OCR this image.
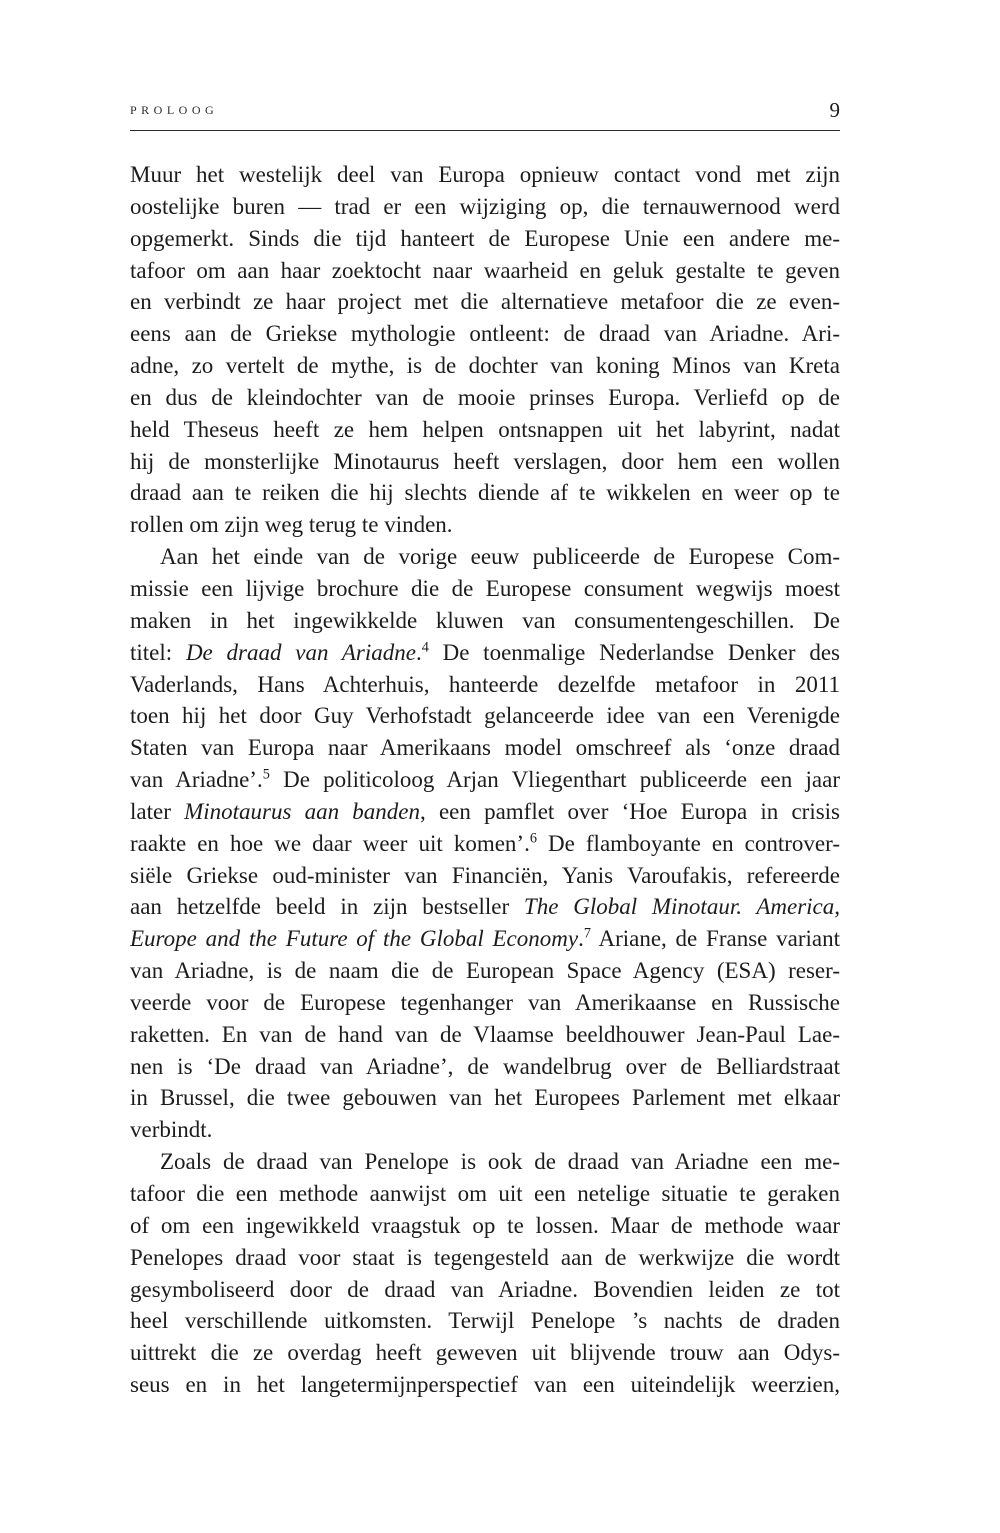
PROLOOG	9
Muur het westelijk deel van Europa opnieuw contact vond met zijn
oostelijke buren — trad er een wijziging op, die ternauwernood werd
opgemerkt. Sinds die tijd hanteert de Europese Unie een andere me-
tafoor om aan haar zoektocht naar waarheid en geluk gestalte te geven
en verbindt ze haar project met die alternatieve metafoor die ze even-
eens aan de Griekse mythologie ontleent: de draad van Ariadne. Ari-
adne, zo vertelt de mythe, is de dochter van koning Minos van Kreta
en dus de kleindochter van de mooie prinses Europa. Verliefd op de
held Theseus heeft ze hem helpen ontsnappen uit het labyrint, nadat
hij de monsterlijke Minotaurus heeft verslagen, door hem een wollen
draad aan te reiken die hij slechts diende af te wikkelen en weer op te
rollen om zijn weg terug te vinden.
Aan het einde van de vorige eeuw publiceerde de Europese Com-
missie een lijvige brochure die de Europese consument wegwijs moest
maken in het ingewikkelde kluwen van consumentengeschillen. De
titel: De draad van Ariadne.$^4$ De toenmalige Nederlandse Denker des
Vaderlands, Hans Achterhuis, hanteerde dezelfde metafoor in 2011
toen hij het door Guy Verhofstadt gelanceerde idee van een Verenigde
Staten van Europa naar Amerikaans model omschreef als ‘onze draad
van Ariadne’.$^5$ De politicoloog Arjan Vliegenthart publiceerde een jaar
later Minotaurus aan banden, een pamflet over ‘Hoe Europa in crisis
raakte en hoe we daar weer uit komen’.$^6$ De flamboyante en controver-
siële Griekse oud-minister van Financiën, Yanis Varoufakis, refereerde
aan hetzelfde beeld in zijn bestseller The Global Minotaur. America,
Europe and the Future of the Global Economy.$^7$ Ariane, de Franse variant
van Ariadne, is de naam die de European Space Agency (ESA) reser-
veerde voor de Europese tegenhanger van Amerikaanse en Russische
raketten. En van de hand van de Vlaamse beeldhouwer Jean-Paul Lae-
nen is ‘De draad van Ariadne’, de wandelbrug over de Belliardstraat
in Brussel, die twee gebouwen van het Europees Parlement met elkaar
verbindt.
Zoals de draad van Penelope is ook de draad van Ariadne een me-
tafoor die een methode aanwijst om uit een netelige situatie te geraken
of om een ingewikkeld vraagstuk op te lossen. Maar de methode waar
Penelopes draad voor staat is tegengesteld aan de werkwijze die wordt
gesymboliseerd door de draad van Ariadne. Bovendien leiden ze tot
heel verschillende uitkomsten. Terwijl Penelope ’s nachts de draden
uittrekt die ze overdag heeft geweven uit blijvende trouw aan Odys-
seus en in het langetermijnperspectief van een uiteindelijk weerzien,
